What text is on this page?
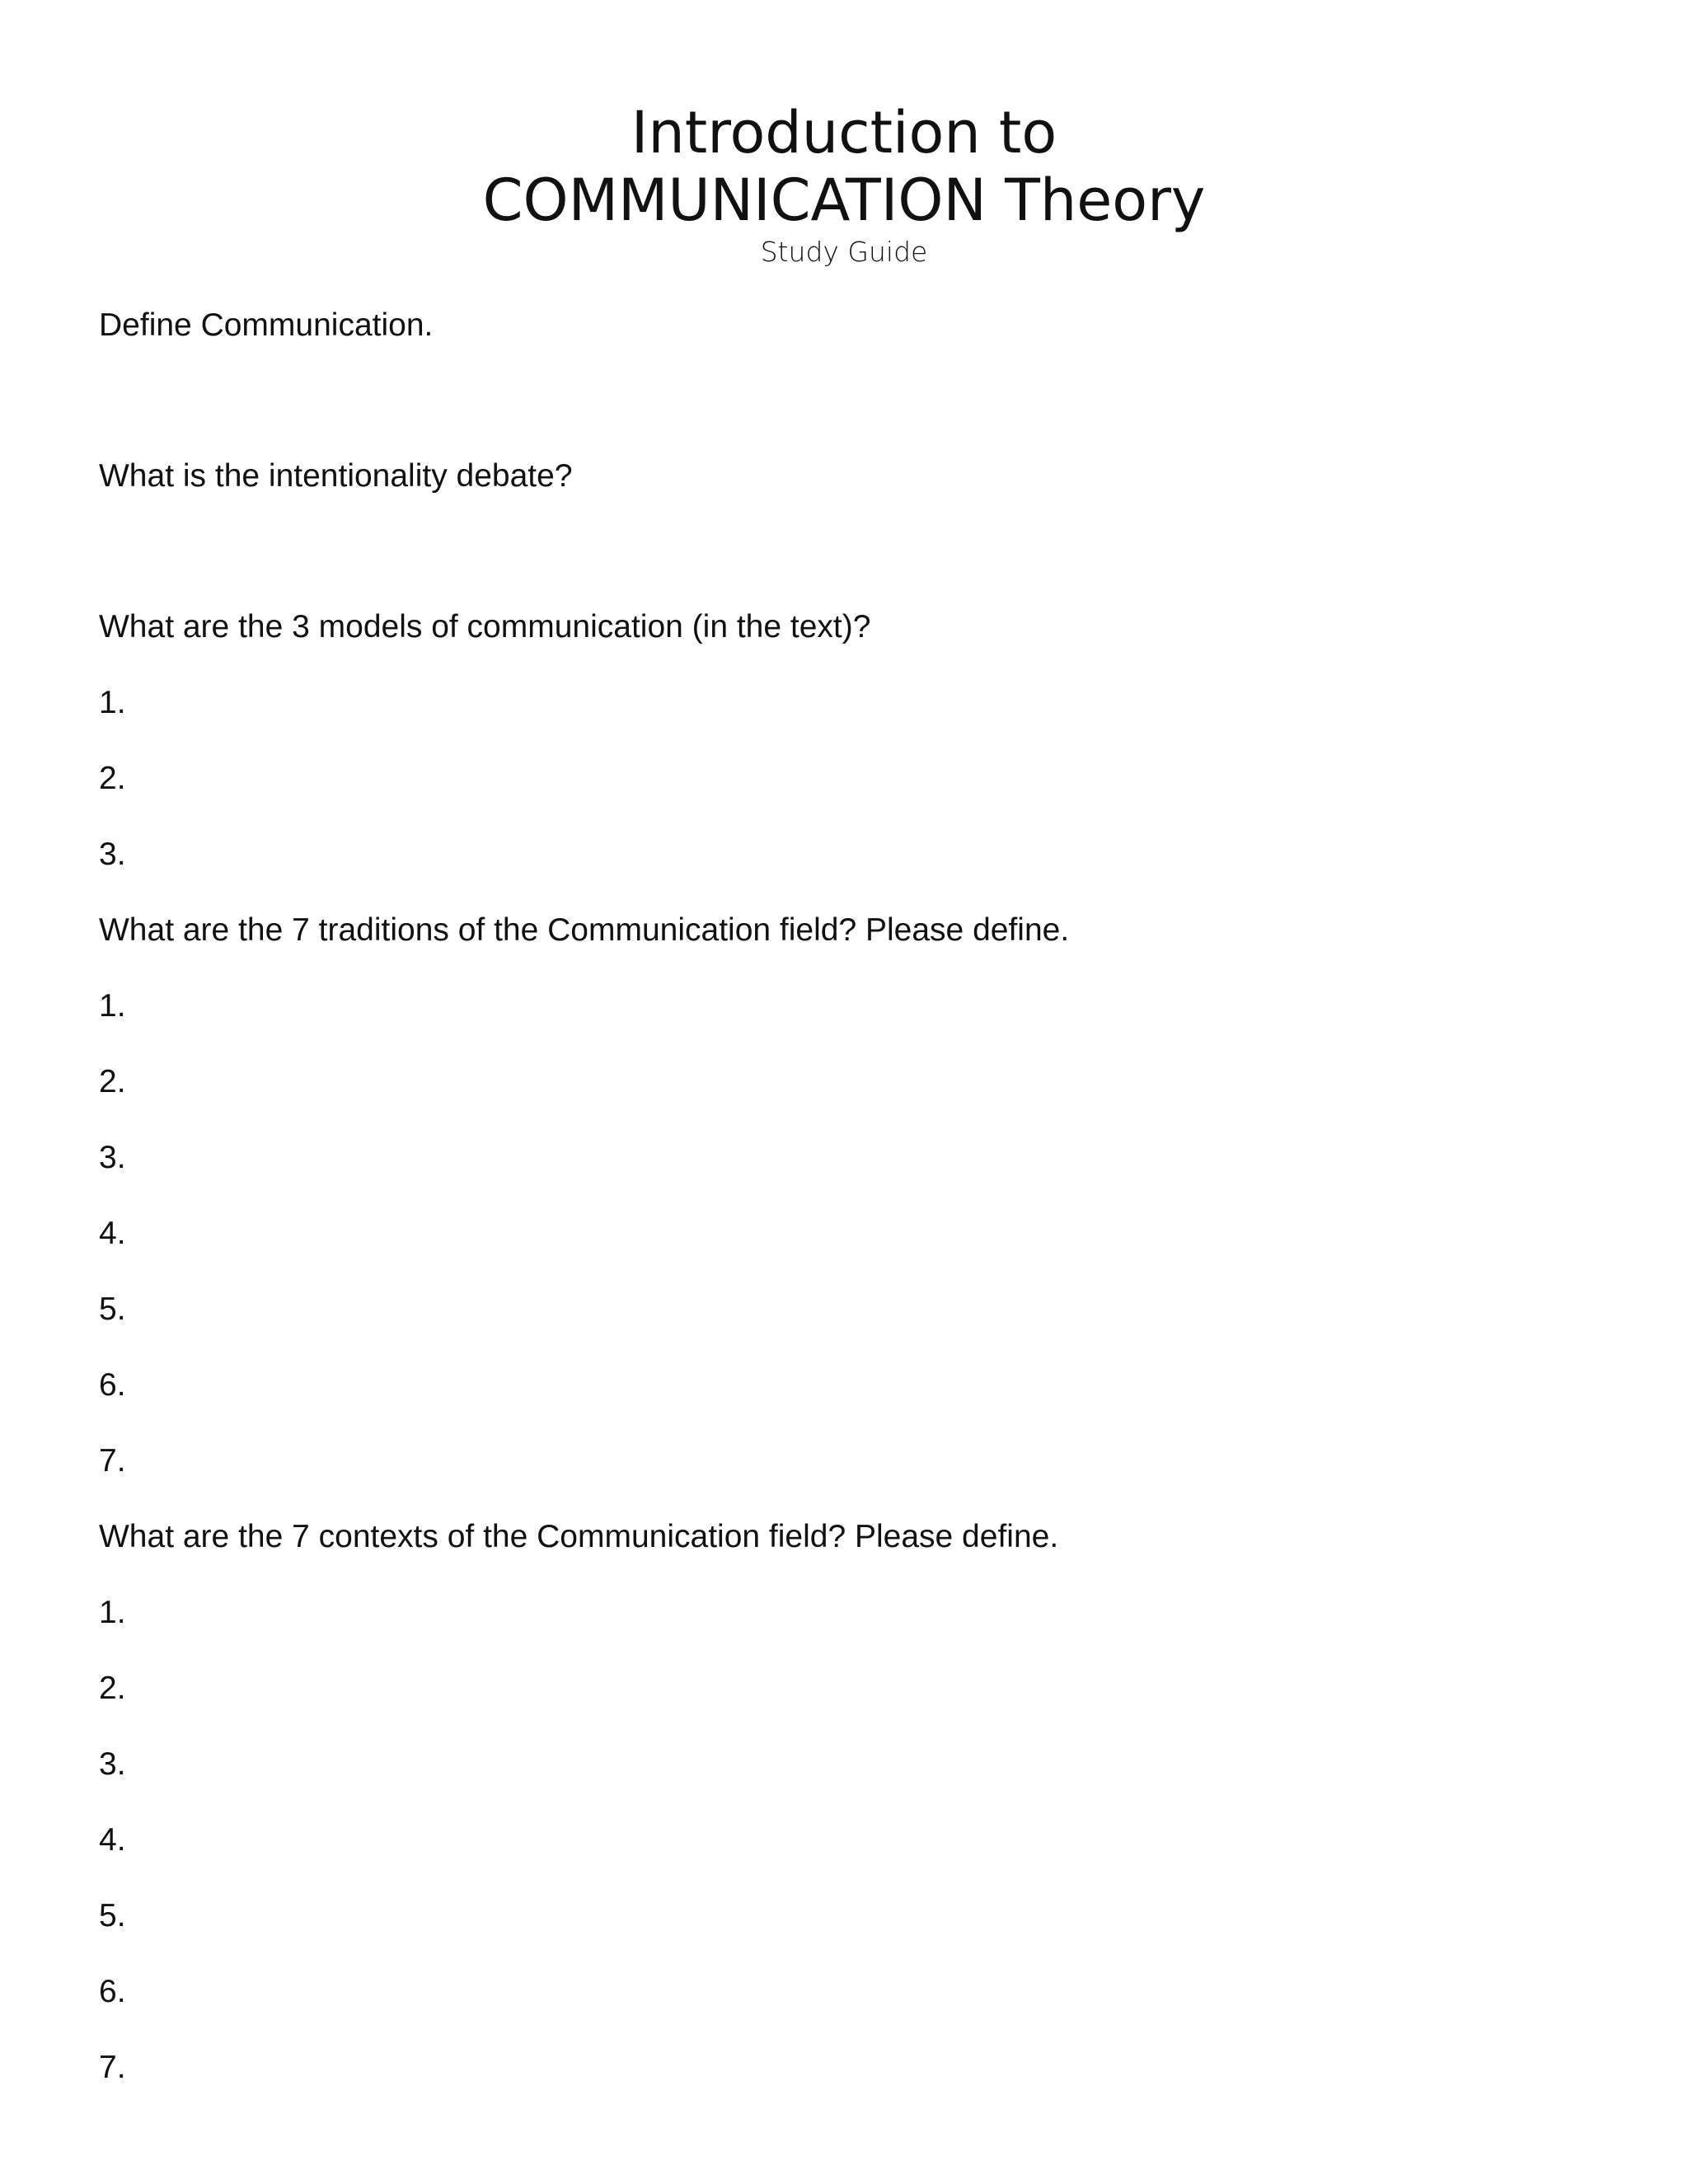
Introduction to
COMMUNICATION Theory
Study Guide
Define Communication.
What is the intentionality debate?
What are the 3 models of communication (in the text)?
1.
2.
3.
What are the 7 traditions of the Communication field? Please define.
1.
2.
3.
4.
5.
6.
7.
What are the 7 contexts of the Communication field? Please define.
1.
2.
3.
4.
5.
6.
7.
